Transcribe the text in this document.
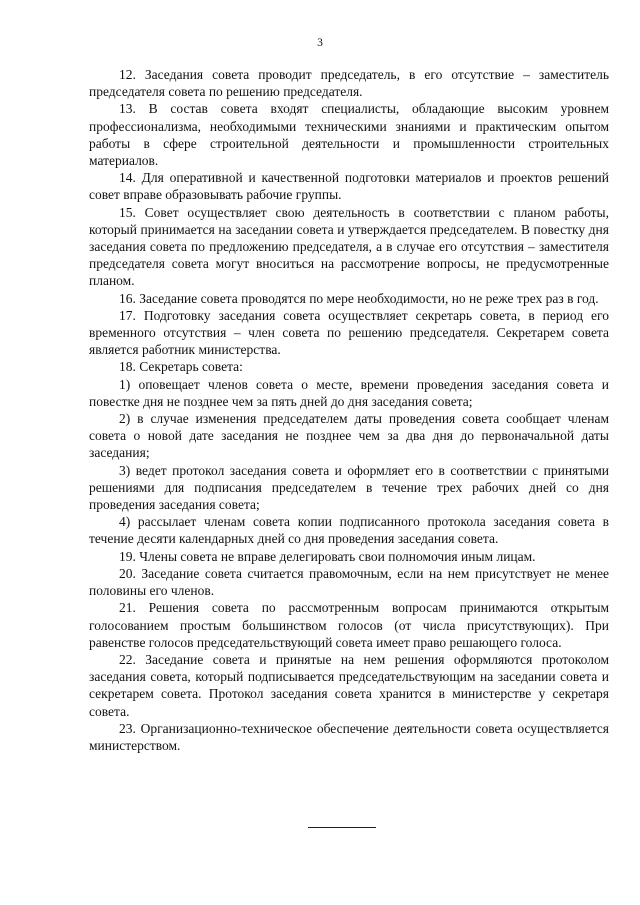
3

12. Заседания совета проводит председатель, в его отсутствие – заместитель председателя совета по решению председателя.

13. В состав совета входят специалисты, обладающие высоким уровнем профессионализма, необходимыми техническими знаниями и практическим опытом работы в сфере строительной деятельности и промышленности строительных материалов.

14. Для оперативной и качественной подготовки материалов и проектов решений совет вправе образовывать рабочие группы.

15. Совет осуществляет свою деятельность в соответствии с планом работы, который принимается на заседании совета и утверждается председателем. В повестку дня заседания совета по предложению председателя, а в случае его отсутствия – заместителя председателя совета могут вноситься на рассмотрение вопросы, не предусмотренные планом.

16. Заседание совета проводятся по мере необходимости, но не реже трех раз в год.

17. Подготовку заседания совета осуществляет секретарь совета, в период его временного отсутствия – член совета по решению председателя. Секретарем совета является работник министерства.

18. Секретарь совета:

1) оповещает членов совета о месте, времени проведения заседания совета и повестке дня не позднее чем за пять дней до дня заседания совета;

2) в случае изменения председателем даты проведения совета сообщает членам совета о новой дате заседания не позднее чем за два дня до первоначальной даты заседания;

3) ведет протокол заседания совета и оформляет его в соответствии с принятыми решениями для подписания председателем в течение трех рабочих дней со дня проведения заседания совета;

4) рассылает членам совета копии подписанного протокола заседания совета в течение десяти календарных дней со дня проведения заседания совета.

19. Члены совета не вправе делегировать свои полномочия иным лицам.

20. Заседание совета считается правомочным, если на нем присутствует не менее половины его членов.

21. Решения совета по рассмотренным вопросам принимаются открытым голосованием простым большинством голосов (от числа присутствующих). При равенстве голосов председательствующий совета имеет право решающего голоса.

22. Заседание совета и принятые на нем решения оформляются протоколом заседания совета, который подписывается председательствующим на заседании совета и секретарем совета. Протокол заседания совета хранится в министерстве у секретаря совета.

23. Организационно-техническое обеспечение деятельности совета осуществляется министерством.
